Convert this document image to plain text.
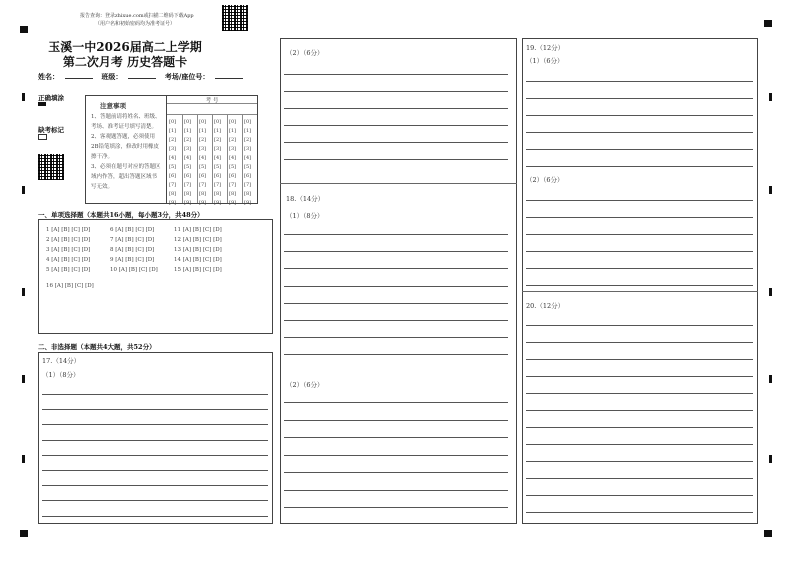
报告查询：登录zhixue.com或扫描二维码下载App
（用户名和初始密码均为准考证号）
玉溪一中2026届高二上学期
第二次月考 历史答题卡
姓名：	班级：	考场/座位号：
正确填涂
缺考标记
注意事项
1、答题前请将姓名、班级、考场、准考证号填写清楚。
2、客观题答题，必须使用2B铅笔填涂，修改时用橡皮擦干净。
3、必须在题号对应的答题区域内作答，超出答题区域书写无效。
考 号
[0]
[1]
[2]
[3]
[4]
[5]
[6]
[7]
[8]
[9]
[0]
[1]
[2]
[3]
[4]
[5]
[6]
[7]
[8]
[9]
[0]
[1]
[2]
[3]
[4]
[5]
[6]
[7]
[8]
[9]
[0]
[1]
[2]
[3]
[4]
[5]
[6]
[7]
[8]
[9]
[0]
[1]
[2]
[3]
[4]
[5]
[6]
[7]
[8]
[9]
[0]
[1]
[2]
[3]
[4]
[5]
[6]
[7]
[8]
[9]
一、单项选择题（本题共16小题，每小题3分，共48分）
二、非选择题（本题共4大题，共52分）
17.（14分）
（1）（8分）
（2）（6分）
18.（14分）
（1）（8分）
（2）（6分）
19.（12分）
（1）（6分）
（2）（6分）
20.（12分）
1 [A] [B] [C] [D]
2 [A] [B] [C] [D]
3 [A] [B] [C] [D]
4 [A] [B] [C] [D]
5 [A] [B] [C] [D]
6 [A] [B] [C] [D]
7 [A] [B] [C] [D]
8 [A] [B] [C] [D]
9 [A] [B] [C] [D]
10 [A] [B] [C] [D]
11 [A] [B] [C] [D]
12 [A] [B] [C] [D]
13 [A] [B] [C] [D]
14 [A] [B] [C] [D]
15 [A] [B] [C] [D]
16 [A] [B] [C] [D]
